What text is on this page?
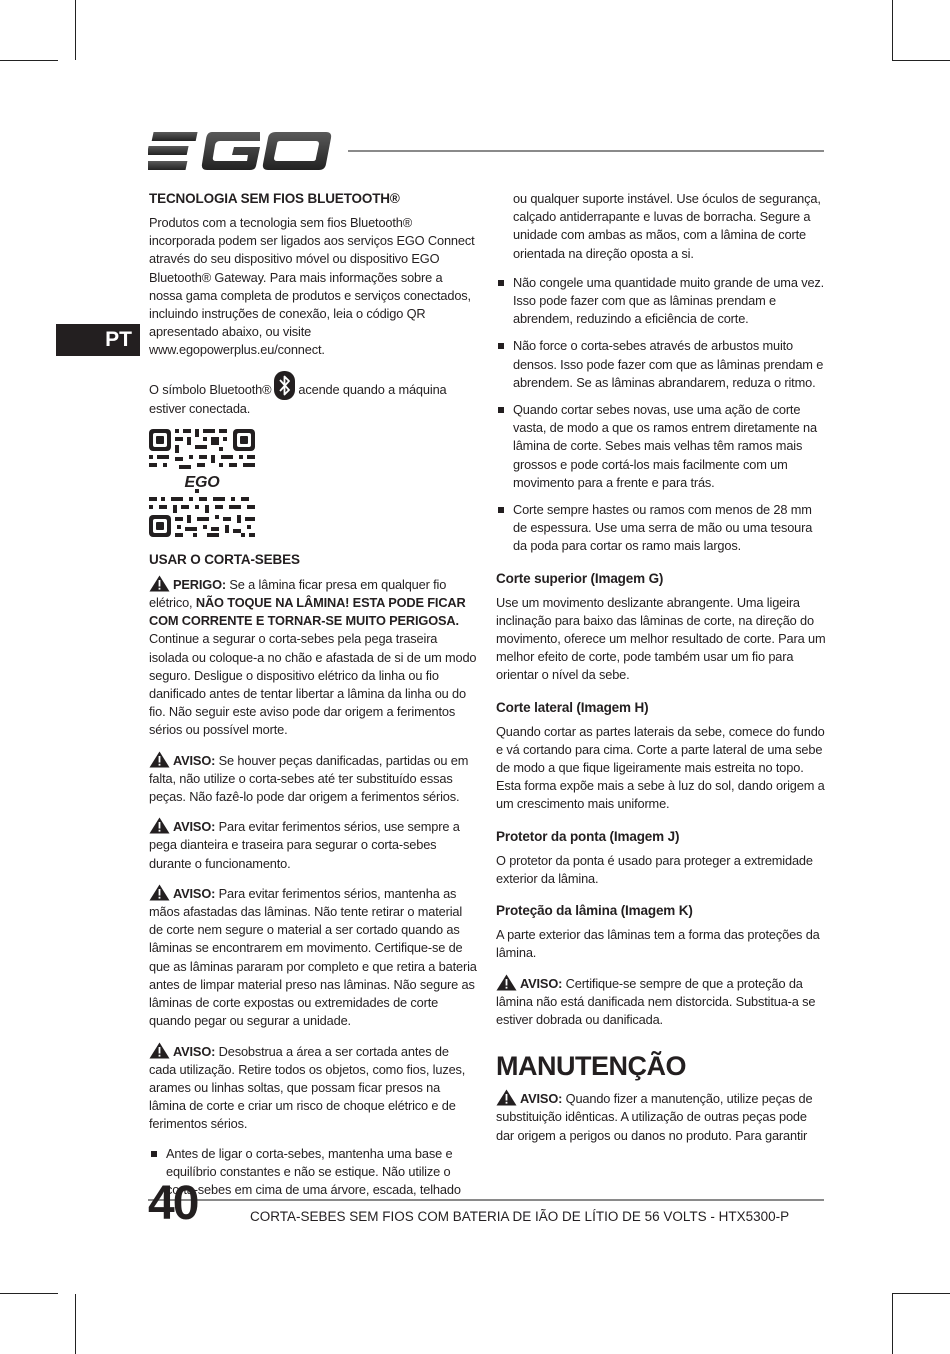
PT
TECNOLOGIA SEM FIOS BLUETOOTH®

Produtos com a tecnologia sem fios Bluetooth® incorporada podem ser ligados aos serviços EGO Connect através do seu dispositivo móvel ou dispositivo EGO Bluetooth® Gateway. Para mais informações sobre a nossa gama completa de produtos e serviços conectados, incluindo instruções de conexão, leia o código QR apresentado abaixo, ou visite www.egopowerplus.eu/connect.

O símbolo Bluetooth® acende quando a máquina estiver conectada.

EGO
USAR O CORTA-SEBES

PERIGO: Se a lâmina ficar presa em qualquer fio elétrico, NÃO TOQUE NA LÂMINA! ESTA PODE FICAR COM CORRENTE E TORNAR-SE MUITO PERIGOSA. Continue a segurar o corta-sebes pela pega traseira isolada ou coloque-a no chão e afastada de si de um modo seguro. Desligue o dispositivo elétrico da linha ou fio danificado antes de tentar libertar a lâmina da linha ou do fio. Não seguir este aviso pode dar origem a ferimentos sérios ou possível morte.

AVISO: Se houver peças danificadas, partidas ou em falta, não utilize o corta-sebes até ter substituído essas peças. Não fazê-lo pode dar origem a ferimentos sérios.

AVISO: Para evitar ferimentos sérios, use sempre a pega dianteira e traseira para segurar o corta-sebes durante o funcionamento.

AVISO: Para evitar ferimentos sérios, mantenha as mãos afastadas das lâminas. Não tente retirar o material de corte nem segure o material a ser cortado quando as lâminas se encontrarem em movimento. Certifique-se de que as lâminas pararam por completo e que retira a bateria antes de limpar material preso nas lâminas. Não segure as lâminas de corte expostas ou extremidades de corte quando pegar ou segurar a unidade.

AVISO: Desobstrua a área a ser cortada antes de cada utilização. Retire todos os objetos, como fios, luzes, arames ou linhas soltas, que possam ficar presos na lâmina de corte e criar um risco de choque elétrico e de ferimentos sérios.

Antes de ligar o corta-sebes, mantenha uma base e equilíbrio constantes e não se estique. Não utilize o corta-sebes em cima de uma árvore, escada, telhado

ou qualquer suporte instável. Use óculos de segurança, calçado antiderrapante e luvas de borracha. Segure a unidade com ambas as mãos, com a lâmina de corte orientada na direção oposta a si.

Não congele uma quantidade muito grande de uma vez. Isso pode fazer com que as lâminas prendam e abrendem, reduzindo a eficiência de corte.
Não force o corta-sebes através de arbustos muito densos. Isso pode fazer com que as lâminas prendam e abrendem. Se as lâminas abrandarem, reduza o ritmo.
Quando cortar sebes novas, use uma ação de corte vasta, de modo a que os ramos entrem diretamente na lâmina de corte. Sebes mais velhas têm ramos mais grossos e pode cortá-los mais facilmente com um movimento para a frente e para trás.
Corte sempre hastes ou ramos com menos de 28 mm de espessura. Use uma serra de mão ou uma tesoura da poda para cortar os ramo mais largos.
Corte superior (Imagem G)

Use um movimento deslizante abrangente. Uma ligeira inclinação para baixo das lâminas de corte, na direção do movimento, oferece um melhor resultado de corte. Para um melhor efeito de corte, pode também usar um fio para orientar o nível da sebe.

Corte lateral (Imagem H)

Quando cortar as partes laterais da sebe, comece do fundo e vá cortando para cima. Corte a parte lateral de uma sebe de modo a que fique ligeiramente mais estreita no topo. Esta forma expõe mais a sebe à luz do sol, dando origem a um crescimento mais uniforme.

Protetor da ponta (Imagem J)

O protetor da ponta é usado para proteger a extremidade exterior da lâmina.

Proteção da lâmina (Imagem K)

A parte exterior das lâminas tem a forma das proteções da lâmina.

AVISO: Certifique-se sempre de que a proteção da lâmina não está danificada nem distorcida. Substitua-a se estiver dobrada ou danificada.

MANUTENÇÃO

AVISO: Quando fizer a manutenção, utilize peças de substituição idênticas. A utilização de outras peças pode dar origem a perigos ou danos no produto. Para garantir

40	CORTA-SEBES SEM FIOS COM BATERIA DE IÃO DE LÍTIO DE 56 VOLTS - HTX5300-P
